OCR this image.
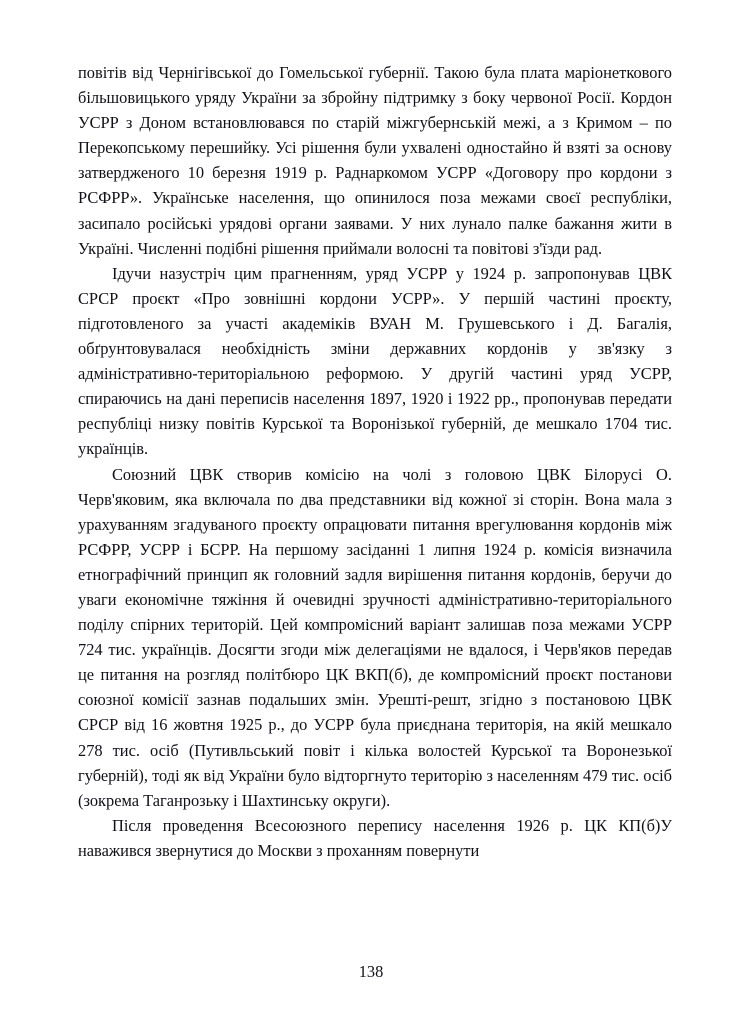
повітів від Чернігівської до Гомельської губернії. Такою була плата маріонеткового більшовицького уряду України за збройну підтримку з боку червоної Росії. Кордон УСРР з Доном встановлювався по старій міжгубернській межі, а з Кримом – по Перекопському перешийку. Усі рішення були ухвалені одностайно й взяті за основу затвердженого 10 березня 1919 р. Раднаркомом УСРР «Договору про кордони з РСФРР». Українське населення, що опинилося поза межами своєї республіки, засипало російські урядові органи заявами. У них лунало палке бажання жити в Україні. Численні подібні рішення приймали волосні та повітові з'їзди рад.

Ідучи назустріч цим прагненням, уряд УСРР у 1924 р. запропонував ЦВК СРСР проєкт «Про зовнішні кордони УСРР». У першій частині проєкту, підготовленого за участі академіків ВУАН М. Грушевського і Д. Багалія, обґрунтовувалася необхідність зміни державних кордонів у зв'язку з адміністративно-територіальною реформою. У другій частині уряд УСРР, спираючись на дані переписів населення 1897, 1920 і 1922 рр., пропонував передати республіці низку повітів Курської та Воронізької губерній, де мешкало 1704 тис. українців.

Союзний ЦВК створив комісію на чолі з головою ЦВК Білорусі О. Черв'яковим, яка включала по два представники від кожної зі сторін. Вона мала з урахуванням згадуваного проєкту опрацювати питання врегулювання кордонів між РСФРР, УСРР і БСРР. На першому засіданні 1 липня 1924 р. комісія визначила етнографічний принцип як головний задля вирішення питання кордонів, беручи до уваги економічне тяжіння й очевидні зручності адміністративно-територіального поділу спірних територій. Цей компромісний варіант залишав поза межами УСРР 724 тис. українців. Досягти згоди між делегаціями не вдалося, і Черв'яков передав це питання на розгляд політбюро ЦК ВКП(б), де компромісний проєкт постанови союзної комісії зазнав подальших змін. Урешті-решт, згідно з постановою ЦВК СРСР від 16 жовтня 1925 р., до УСРР була приєднана територія, на якій мешкало 278 тис. осіб (Путивльський повіт і кілька волостей Курської та Воронезької губерній), тоді як від України було відторгнуто територію з населенням 479 тис. осіб (зокрема Таганрозьку і Шахтинську округи).

Після проведення Всесоюзного перепису населення 1926 р. ЦК КП(б)У наважився звернутися до Москви з проханням повернути

138
